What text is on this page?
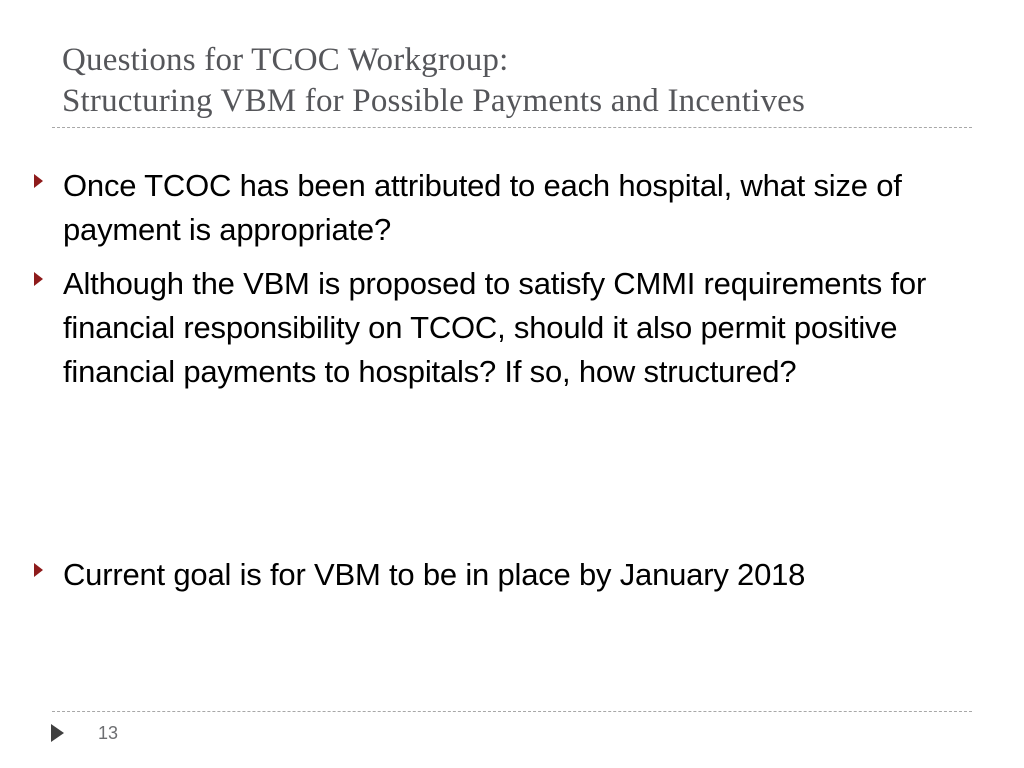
Questions for TCOC Workgroup:
Structuring VBM for Possible Payments and Incentives
Once TCOC has been attributed to each hospital, what size of payment is appropriate?
Although the VBM is proposed to satisfy CMMI requirements for financial responsibility on TCOC, should it also permit positive financial payments to hospitals? If so, how structured?
Current goal is for VBM to be in place by January 2018
13
